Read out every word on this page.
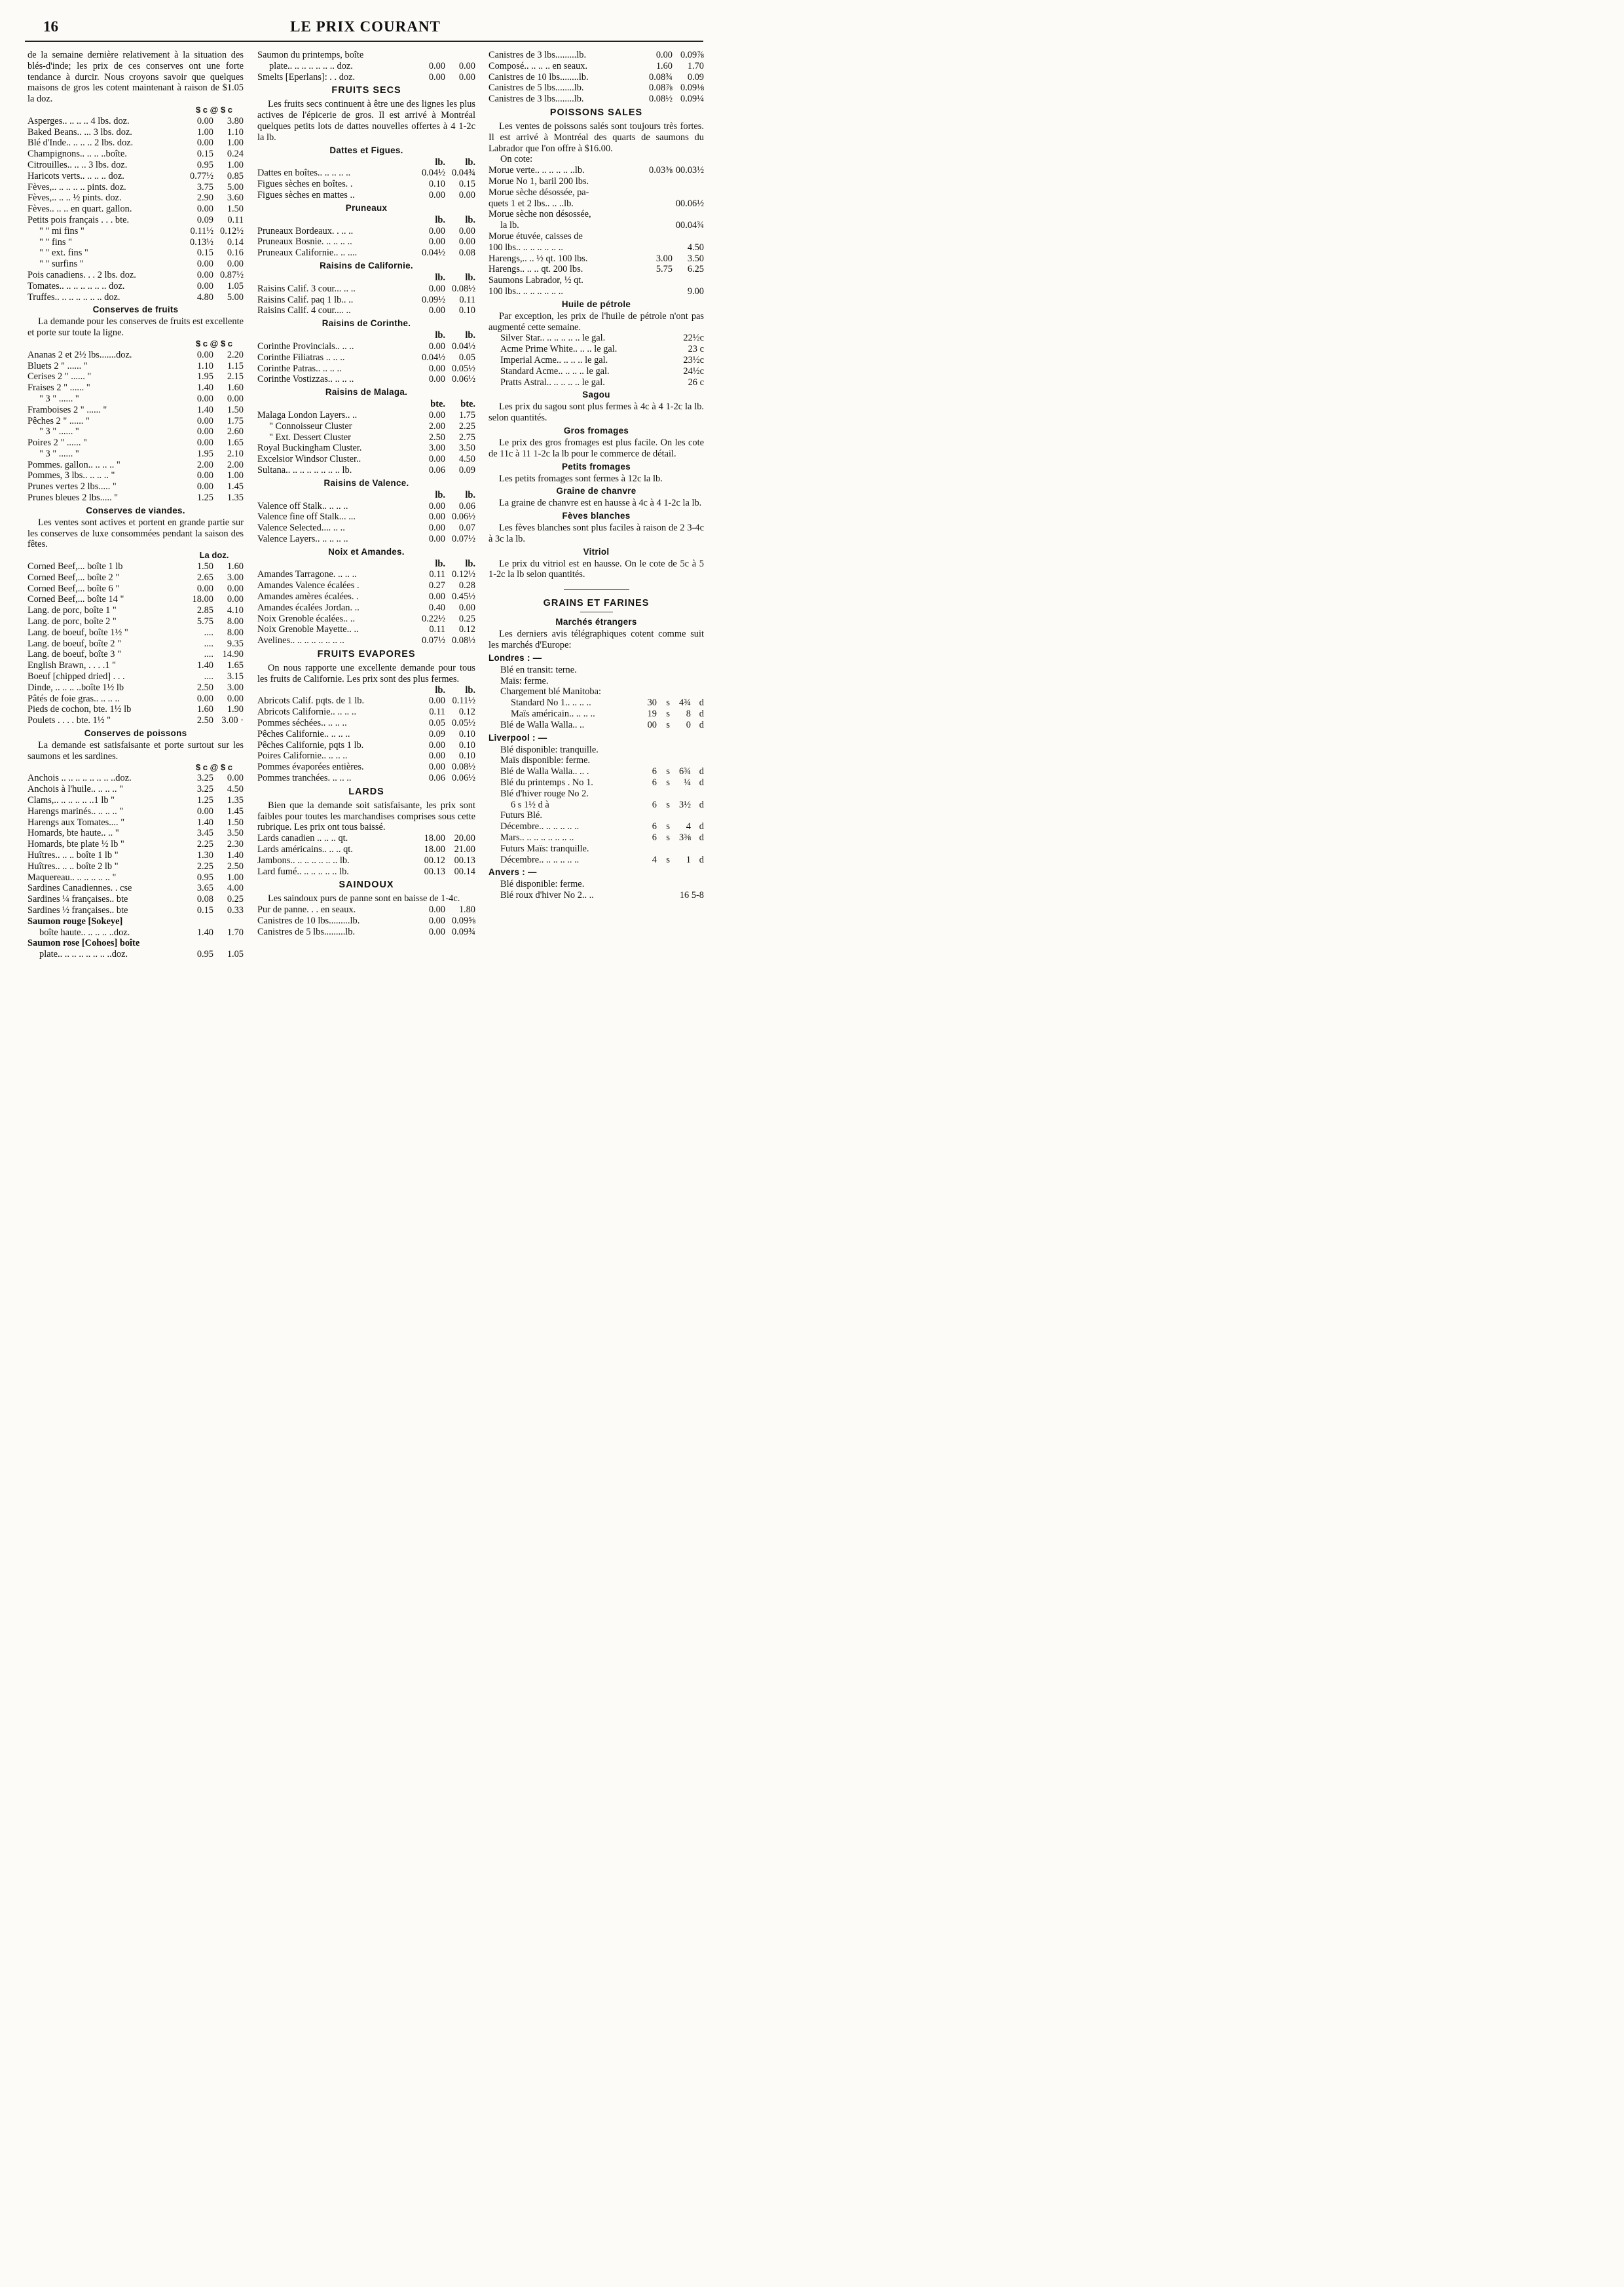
16	LE PRIX COURANT

de la semaine dernière relativement à la situation des blés-d'inde; les prix de ces conserves ont une forte tendance à durcir. Nous croyons savoir que quelques maisons de gros les cotent maintenant à raison de $1.05 la doz.

$ c @ $ c
Asperges.. .. .. .. 4 lbs. doz.	0.00	3.80
Baked Beans.. ... 3 lbs. doz.	1.00	1.10
Blé d'Inde.. .. .. .. 2 lbs. doz.	0.00	1.00
Champignons.. .. .. ..boîte.	0.15	0.24
Citrouilles.. .. .. 3 lbs. doz.	0.95	1.00
Haricots verts.. .. .. .. doz.	0.77½	0.85
Fèves,.. .. .. .. .. pints. doz.	3.75	5.00
Fèves,.. .. .. ½ pints. doz.	2.90	3.60
Fèves.. .. .. en quart. gallon.	0.00	1.50
Petits pois français . . . bte.	0.09	0.11
" " mi fins "	0.11½ 0.12½
" " fins "	0.13½	0.14
" " ext. fins "	0.15	0.16
" " surfins "	0.00	0.00
Pois canadiens. . . 2 lbs. doz.	0.00 0.87½
Tomates.. .. .. .. .. .. .. doz.	0.00	1.05
Truffes.. .. .. .. .. .. .. doz.	4.80	5.00
Conserves de fruits

La demande pour les conserves de fruits est excellente et porte sur toute la ligne.

$ c @ $ c
Ananas 2 et 2½ lbs.......doz.	0.00	2.20
Bluets 2 " ...... "	1.10	1.15
Cerises 2 " ...... "	1.95	2.15
Fraises 2 " ...... "	1.40	1.60
" 3 " ...... "	0.00	0.00
Framboises 2 " ...... "	1.40	1.50
Pêches 2 " ...... "	0.00	1.75
" 3 " ...... "	0.00	2.60
Poires 2 " ...... "	0.00	1.65
" 3 " ...... "	1.95	2.10
Pommes. gallon.. .. .. .. "	2.00	2.00
Pommes, 3 lbs.. .. .. .. "	0.00	1.00
Prunes vertes 2 lbs..... "	0.00	1.45
Prunes bleues 2 lbs..... "	1.25	1.35
Conserves de viandes.

Les ventes sont actives et portent en grande partie sur les conserves de luxe consommées pendant la saison des fêtes.

La doz.
Corned Beef,... boîte 1 lb	1.50	1.60
Corned Beef,... boîte 2 "	2.65	3.00
Corned Beef,... boîte 6 "	0.00	0.00
Corned Beef,... boîte 14 "	18.00	0.00
Lang. de porc, boîte 1 "	2.85	4.10
Lang. de porc, boîte 2 "	5.75	8.00
Lang. de boeuf, boîte 1½ "	....	8.00
Lang. de boeuf, boîte 2 "	....	9.35
Lang. de boeuf, boîte 3 "	.... 14.90
English Brawn, . . . .1 "	1.40	1.65
Boeuf [chipped dried] . . .	....	3.15
Dinde, .. .. .. ..boîte 1½ lb	2.50	3.00
Pâtés de foie gras.. .. .. ..	0.00	0.00
Pieds de cochon, bte. 1½ lb	1.60	1.90
Poulets . . . . bte. 1½ "	2.50 3.00 ·
Conserves de poissons

La demande est satisfaisante et porte surtout sur les saumons et les sardines.

$ c @ $ c
Anchois .. .. .. .. .. .. .. ..doz.	3.25	0.00
Anchois à l'huile.. .. .. .. "	3.25	4.50
Clams,.. .. .. .. .. ..1 lb "	1.25	1.35
Harengs marinés.. .. .. .. "	0.00	1.45
Harengs aux Tomates.... "	1.40	1.50
Homards, bte haute.. .. "	3.45	3.50
Homards, bte plate ½ lb "	2.25	2.30
Huîtres.. .. .. boîte 1 lb "	1.30	1.40
Huîtres.. .. .. boîte 2 lb "	2.25	2.50
Maquereau.. .. .. .. .. .. "	0.95	1.00
Sardines Canadiennes. . cse	3.65	4.00
Sardines ¼ françaises.. bte	0.08	0.25
Sardines ½ françaises.. bte	0.15	0.33
Saumon rouge [Sokeye]
boîte haute.. .. .. .. ..doz.	1.40	1.70
Saumon rose [Cohoes] boîte
plate.. .. .. .. .. .. .. ..doz.	0.95	1.05
Saumon du printemps, boîte
plate.. .. .. .. .. .. .. doz.	0.00	0.00
Smelts [Eperlans]: . . doz.	0.00	0.00
FRUITS SECS

Les fruits secs continuent à être une des lignes les plus actives de l'épicerie de gros. Il est arrivé à Montréal quelques petits lots de dattes nouvelles offertes à 4 1-2c la lb.

Dattes et Figues.
lb.	lb.
Dattes en boîtes.. .. .. .. ..	0.04½ 0.04¾
Figues sèches en boîtes. .	0.10	0.15
Figues sèches en mattes ..	0.00	0.00
Pruneaux
lb.	lb.
Pruneaux Bordeaux. . .. ..	0.00	0.00
Pruneaux Bosnie. .. .. .. ..	0.00	0.00
Pruneaux Californie.. .. ....	0.04½	0.08
Raisins de Californie.
lb.	lb.
Raisins Calif. 3 cour... .. ..	0.00 0.08½
Raisins Calif. paq 1 lb.. ..	0.09½	0.11
Raisins Calif. 4 cour.... ..	0.00	0.10
Raisins de Corinthe.
lb.	lb.
Corinthe Provincials.. .. ..	0.00 0.04½
Corinthe Filiatras .. .. ..	0.04½	0.05
Corinthe Patras.. .. .. ..	0.00 0.05½
Corinthe Vostizzas.. .. .. ..	0.00 0.06½
Raisins de Malaga.
bte.	bte.
Malaga London Layers.. ..	0.00	1.75
" Connoisseur Cluster	2.00	2.25
" Ext. Dessert Cluster	2.50	2.75
Royal Buckingham Cluster.	3.00	3.50
Excelsior Windsor Cluster..	0.00	4.50
Sultana.. .. .. .. .. .. .. .. lb.	0.06	0.09
Raisins de Valence.
lb.	lb.
Valence off Stalk.. .. .. ..	0.00	0.06
Valence fine off Stalk... ...	0.00 0.06½
Valence Selected.... .. ..	0.00	0.07
Valence Layers.. .. .. .. ..	0.00 0.07½
Noix et Amandes.
lb.	lb.
Amandes Tarragone. .. .. ..	0.11 0.12½
Amandes Valence écalées .	0.27	0.28
Amandes amères écalées. .	0.00 0.45½
Amandes écalées Jordan. ..	0.40	0.00
Noix Grenoble écalées.. ..	0.22½	0.25
Noix Grenoble Mayette.. ..	0.11	0.12
Avelines.. .. .. .. .. .. .. ..	0.07½ 0.08½
FRUITS EVAPORES

On nous rapporte une excellente demande pour tous les fruits de Californie. Les prix sont des plus fermes.

lb.	lb.
Abricots Calif. pqts. de 1 lb.	0.00 0.11½
Abricots Californie.. .. .. ..	0.11	0.12
Pommes séchées.. .. .. ..	0.05 0.05½
Pêches Californie.. .. .. ..	0.09	0.10
Pêches Californie, pqts 1 lb.	0.00	0.10
Poires Californie.. .. .. ..	0.00	0.10
Pommes évaporées entières.	0.00 0.08½
Pommes tranchées. .. .. ..	0.06 0.06½
LARDS

Bien que la demande soit satisfaisante, les prix sont faibles pour toutes les marchandises comprises sous cette rubrique. Les prix ont tous baissé.

Lards canadien .. .. .. qt.	18.00 20.00
Lards américains.. .. .. qt.	18.00 21.00
Jambons.. .. .. .. .. .. .. lb.	00.12 00.13
Lard fumé.. .. .. .. .. .. lb.	00.13 00.14
SAINDOUX

Les saindoux purs de panne sont en baisse de 1-4c.

Pur de panne. . . en seaux.	0.00	1.80
Canistres de 10 lbs.........lb.	0.00 0.09⅝
Canistres de 5 lbs.........lb.	0.00 0.09¾
Canistres de 3 lbs.........lb.	0.00 0.09⅞
Composé.. .. .. .. en seaux.	1.60	1.70
Canistres de 10 lbs........lb.	0.08¾	0.09
Canistres de 5 lbs........lb.	0.08⅞ 0.09⅛
Canistres de 3 lbs........lb.	0.08½ 0.09¼
POISSONS SALES

Les ventes de poissons salés sont toujours très fortes. Il est arrivé à Montréal des quarts de saumons du Labrador que l'on offre à $16.00.

On cote:
Morue verte.. .. .. .. .. ..lb.	0.03⅜ 00.03½
Morue No 1, baril 200 lbs.
Morue sèche désossée, pa-
quets 1 et 2 lbs.. .. ..lb.	00.06½
Morue sèche non désossée,
la lb.	00.04¾
Morue étuvée, caisses de
100 lbs.. .. .. .. .. .. ..	4.50
Harengs,.. .. ½ qt. 100 lbs.	3.00	3.50
Harengs.. .. .. qt. 200 lbs.	5.75	6.25
Saumons Labrador, ½ qt.
100 lbs.. .. .. .. .. .. ..	9.00
Huile de pétrole

Par exception, les prix de l'huile de pétrole n'ont pas augmenté cette semaine.

Silver Star.. .. .. .. .. .. le gal.	22½c
Acme Prime White.. .. .. le gal.	23 c
Imperial Acme.. .. .. .. le gal.	23½c
Standard Acme.. .. .. .. le gal.	24½c
Pratts Astral.. .. .. .. .. le gal.	26 c
Sagou

Les prix du sagou sont plus fermes à 4c à 4 1-2c la lb. selon quantités.

Gros fromages

Le prix des gros fromages est plus facile. On les cote de 11c à 11 1-2c la lb pour le commerce de détail.

Petits fromages

Les petits fromages sont fermes à 12c la lb.

Graine de chanvre

La graine de chanvre est en hausse à 4c à 4 1-2c la lb.

Fèves blanches

Les fèves blanches sont plus faciles à raison de 2 3-4c à 3c la lb.

Vitriol

Le prix du vitriol est en hausse. On le cote de 5c à 5 1-2c la lb selon quantités.

GRAINS ET FARINES
Marchés étrangers

Les derniers avis télégraphiques cotent comme suit les marchés d'Europe:

Londres : —
Blé en transit: terne.
Maïs: ferme.
Chargement blé Manitoba:
Standard No 1.. .. .. ..	30 s 4¾ d
Maïs américain.. .. .. ..	19 s	8 d
Blé de Walla Walla.. ..	00 s	0 d
Liverpool : —
Blé disponible: tranquille.
Maïs disponible: ferme.
Blé de Walla Walla.. .. .	6 s 6¾ d
Blé du printemps . No 1.	6 s	¼ d
Blé d'hiver rouge No 2.
6 s 1½ d à	6 s 3½ d
Futurs Blé.
Décembre.. .. .. .. .. ..	6 s	4 d
Mars.. .. .. .. .. .. .. ..	6 s 3⅜ d
Futurs Maïs: tranquille.
Décembre.. .. .. .. .. ..	4 s	1 d
Anvers : —
Blé disponible: ferme.
Blé roux d'hiver No 2.. ..	16 5-8
